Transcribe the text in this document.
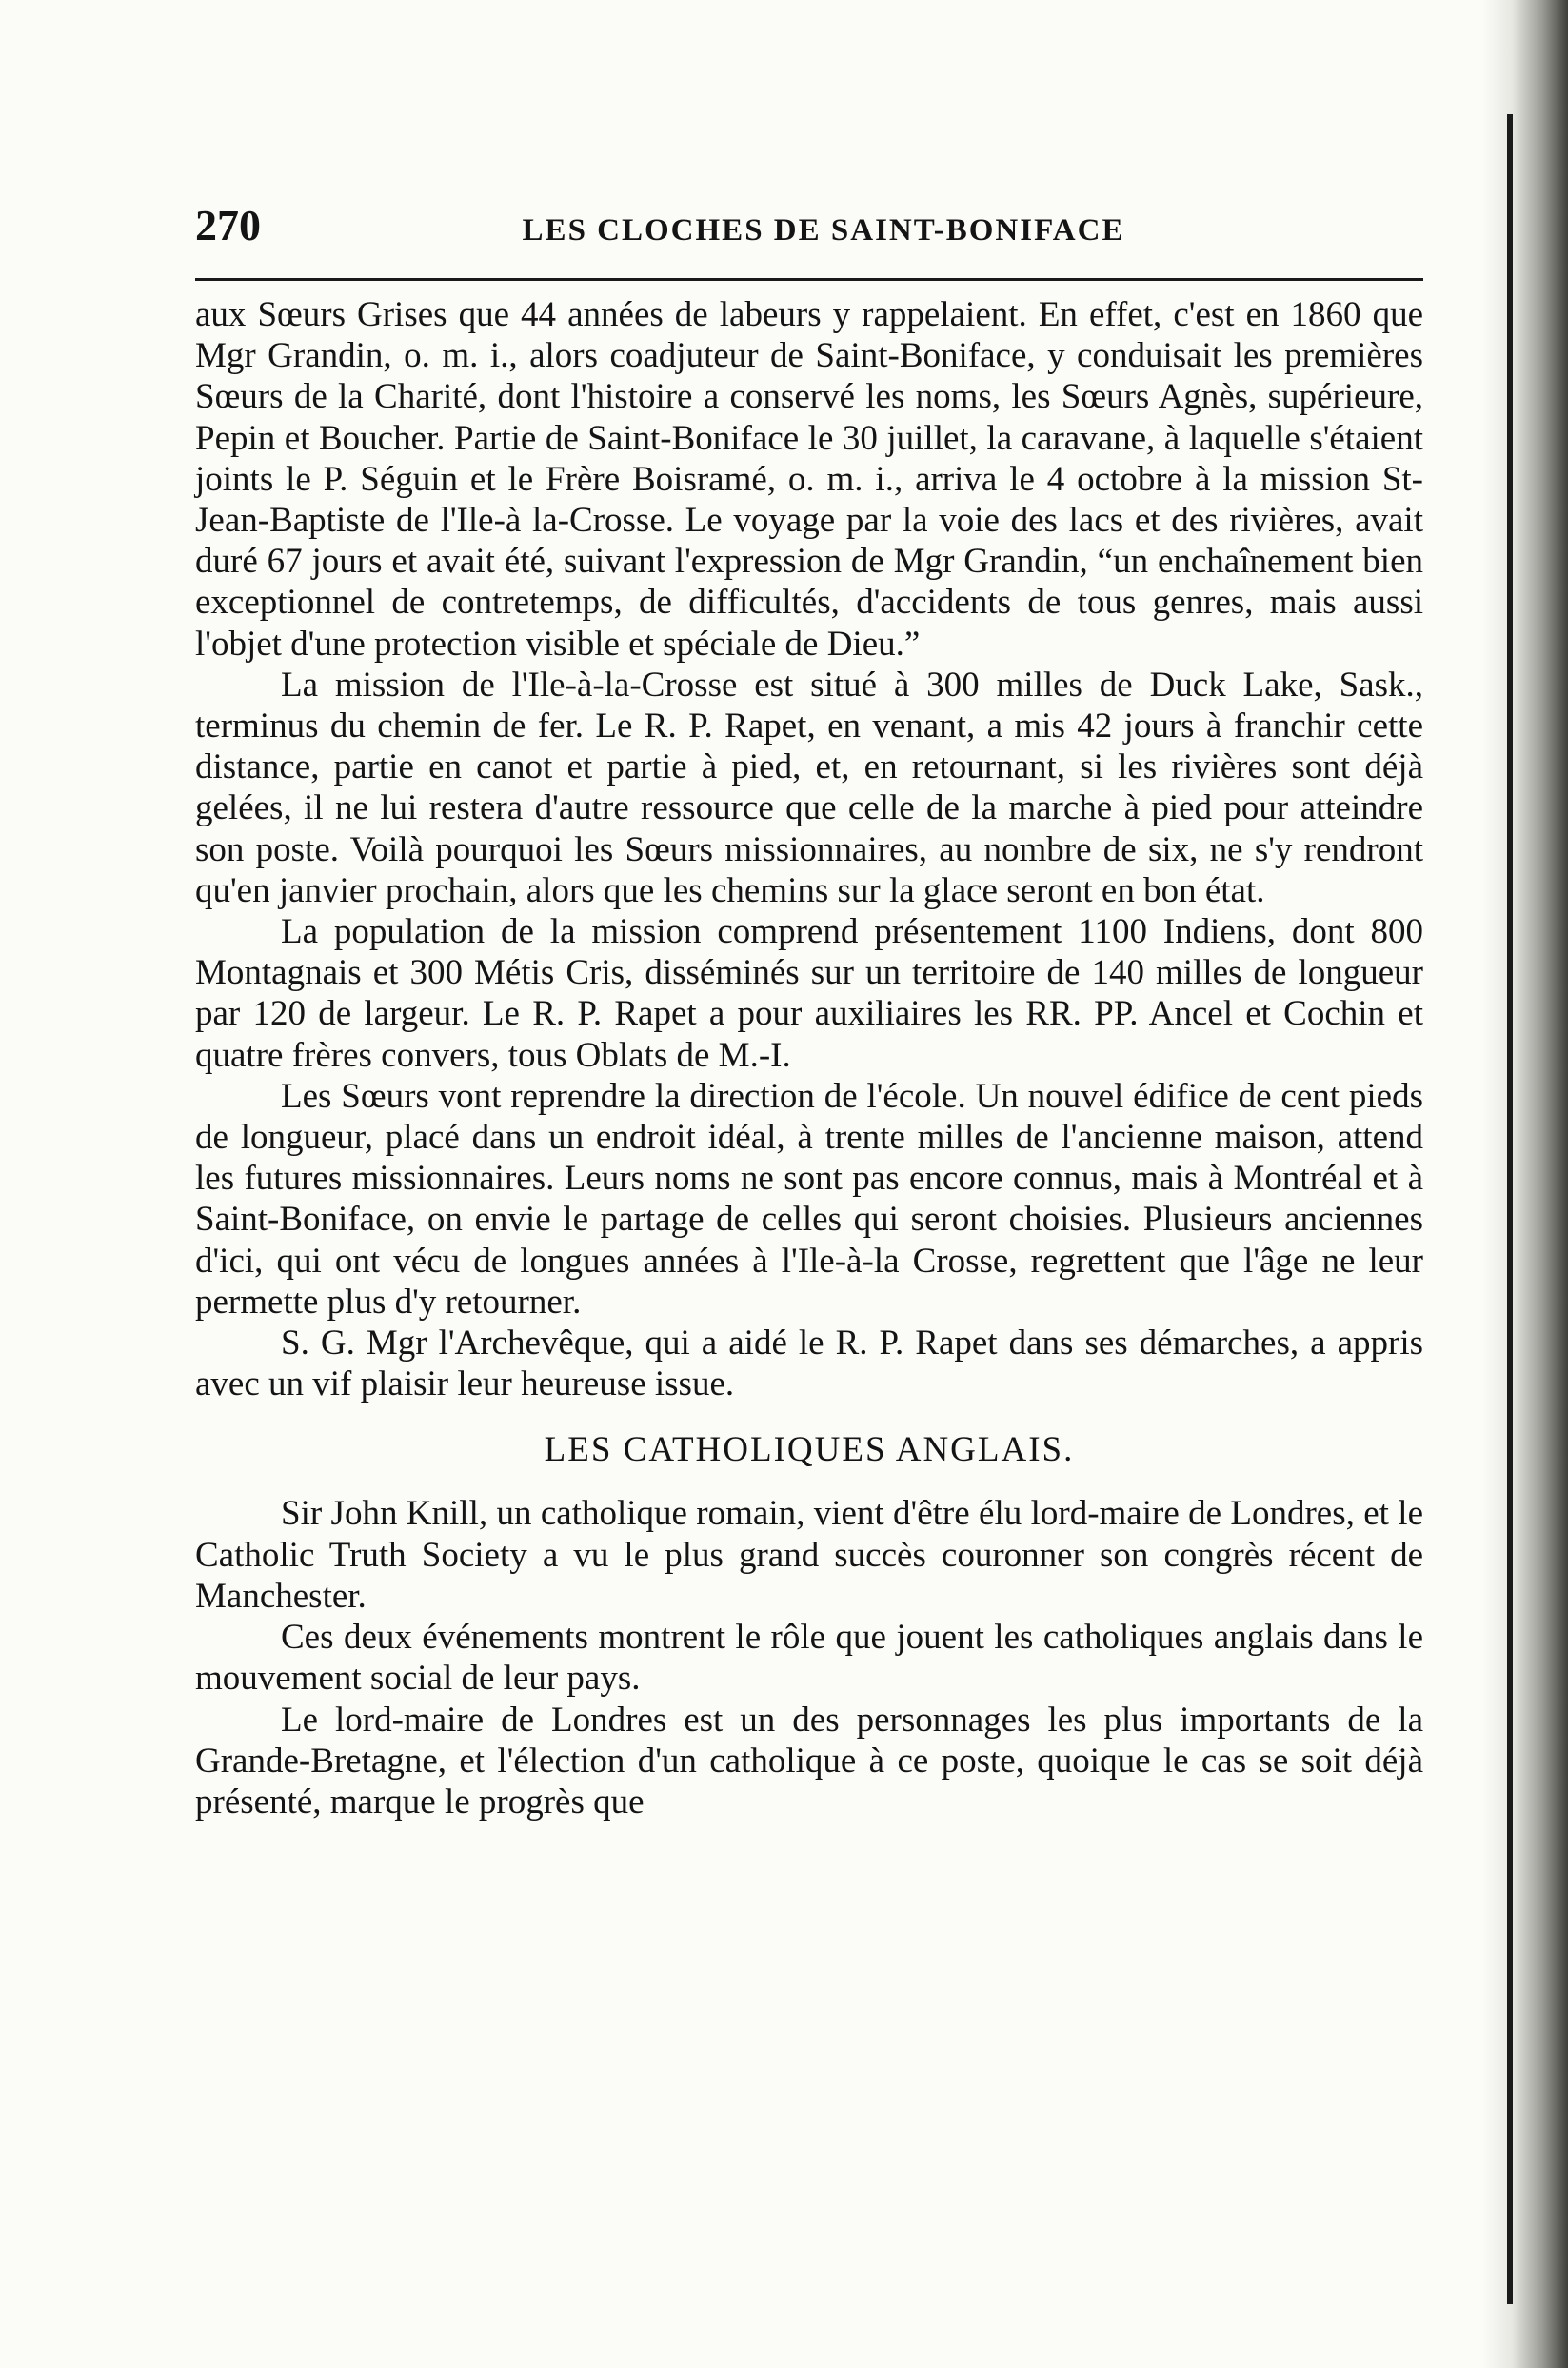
270	LES CLOCHES DE SAINT-BONIFACE

aux Sœurs Grises que 44 années de labeurs y rappelaient. En effet, c'est en 1860 que Mgr Grandin, o. m. i., alors coadjuteur de Saint-Boniface, y conduisait les premières Sœurs de la Charité, dont l'histoire a conservé les noms, les Sœurs Agnès, supérieure, Pepin et Boucher. Partie de Saint-Boniface le 30 juillet, la caravane, à laquelle s'étaient joints le P. Séguin et le Frère Boisramé, o. m. i., arriva le 4 octobre à la mission St-Jean-Baptiste de l'Ile-à la-Crosse. Le voyage par la voie des lacs et des rivières, avait duré 67 jours et avait été, suivant l'expression de Mgr Grandin, “un enchaînement bien exceptionnel de contretemps, de difficultés, d'accidents de tous genres, mais aussi l'objet d'une protection visible et spéciale de Dieu.”

La mission de l'Ile-à-la-Crosse est situé à 300 milles de Duck Lake, Sask., terminus du chemin de fer. Le R. P. Rapet, en venant, a mis 42 jours à franchir cette distance, partie en canot et partie à pied, et, en retournant, si les rivières sont déjà gelées, il ne lui restera d'autre ressource que celle de la marche à pied pour atteindre son poste. Voilà pourquoi les Sœurs missionnaires, au nombre de six, ne s'y rendront qu'en janvier prochain, alors que les chemins sur la glace seront en bon état.

La population de la mission comprend présentement 1100 Indiens, dont 800 Montagnais et 300 Métis Cris, disséminés sur un territoire de 140 milles de longueur par 120 de largeur. Le R. P. Rapet a pour auxiliaires les RR. PP. Ancel et Cochin et quatre frères convers, tous Oblats de M.-I.

Les Sœurs vont reprendre la direction de l'école. Un nouvel édifice de cent pieds de longueur, placé dans un endroit idéal, à trente milles de l'ancienne maison, attend les futures missionnaires. Leurs noms ne sont pas encore connus, mais à Montréal et à Saint-Boniface, on envie le partage de celles qui seront choisies. Plusieurs anciennes d'ici, qui ont vécu de longues années à l'Ile-à-la Crosse, regrettent que l'âge ne leur permette plus d'y retourner.

S. G. Mgr l'Archevêque, qui a aidé le R. P. Rapet dans ses démarches, a appris avec un vif plaisir leur heureuse issue.

LES CATHOLIQUES ANGLAIS.

Sir John Knill, un catholique romain, vient d'être élu lord-maire de Londres, et le Catholic Truth Society a vu le plus grand succès couronner son congrès récent de Manchester.

Ces deux événements montrent le rôle que jouent les catholiques anglais dans le mouvement social de leur pays.

Le lord-maire de Londres est un des personnages les plus importants de la Grande-Bretagne, et l'élection d'un catholique à ce poste, quoique le cas se soit déjà présenté, marque le progrès que
